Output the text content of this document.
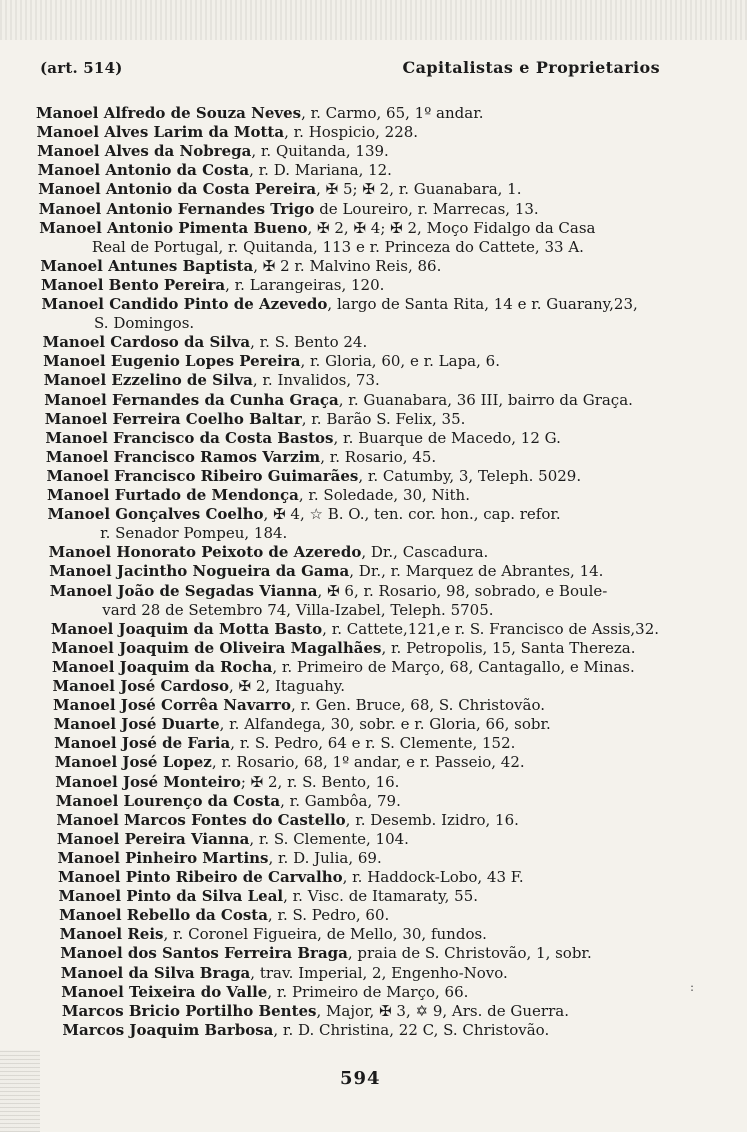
(art. 514)	Capitalistas e Proprietarios
Manoel Alfredo de Souza Neves, r. Carmo, 65, 1º andar.
Manoel Alves Larim da Motta, r. Hospicio, 228.
Manoel Alves da Nobrega, r. Quitanda, 139.
Manoel Antonio da Costa, r. D. Mariana, 12.
Manoel Antonio da Costa Pereira, ✠ 5; ✠ 2, r. Guanabara, 1.
Manoel Antonio Fernandes Trigo de Loureiro, r. Marrecas, 13.
Manoel Antonio Pimenta Bueno, ✠ 2, ✠ 4; ✠ 2, Moço Fidalgo da Casa
Real de Portugal, r. Quitanda, 113 e r. Princeza do Cattete, 33 A.
Manoel Antunes Baptista, ✠ 2 r. Malvino Reis, 86.
Manoel Bento Pereira, r. Larangeiras, 120.
Manoel Candido Pinto de Azevedo, largo de Santa Rita, 14 e r. Guarany,23,
S. Domingos.
Manoel Cardoso da Silva, r. S. Bento 24.
Manoel Eugenio Lopes Pereira, r. Gloria, 60, e r. Lapa, 6.
Manoel Ezzelino de Silva, r. Invalidos, 73.
Manoel Fernandes da Cunha Graça, r. Guanabara, 36 III, bairro da Graça.
Manoel Ferreira Coelho Baltar, r. Barão S. Felix, 35.
Manoel Francisco da Costa Bastos, r. Buarque de Macedo, 12 G.
Manoel Francisco Ramos Varzim, r. Rosario, 45.
Manoel Francisco Ribeiro Guimarães, r. Catumby, 3, Teleph. 5029.
Manoel Furtado de Mendonça, r. Soledade, 30, Nith.
Manoel Gonçalves Coelho, ✠ 4, ☆ B. O., ten. cor. hon., cap. refor.
r. Senador Pompeu, 184.
Manoel Honorato Peixoto de Azeredo, Dr., Cascadura.
Manoel Jacintho Nogueira da Gama, Dr., r. Marquez de Abrantes, 14.
Manoel João de Segadas Vianna, ✠ 6, r. Rosario, 98, sobrado, e Boule-
vard 28 de Setembro 74, Villa-Izabel, Teleph. 5705.
Manoel Joaquim da Motta Basto, r. Cattete,121,e r. S. Francisco de Assis,32.
Manoel Joaquim de Oliveira Magalhães, r. Petropolis, 15, Santa Thereza.
Manoel Joaquim da Rocha, r. Primeiro de Março, 68, Cantagallo, e Minas.
Manoel José Cardoso, ✠ 2, Itaguahy.
Manoel José Corrêa Navarro, r. Gen. Bruce, 68, S. Christovão.
Manoel José Duarte, r. Alfandega, 30, sobr. e r. Gloria, 66, sobr.
Manoel José de Faria, r. S. Pedro, 64 e r. S. Clemente, 152.
Manoel José Lopez, r. Rosario, 68, 1º andar, e r. Passeio, 42.
Manoel José Monteiro; ✠ 2, r. S. Bento, 16.
Manoel Lourenço da Costa, r. Gambôa, 79.
Manoel Marcos Fontes do Castello, r. Desemb. Izidro, 16.
Manoel Pereira Vianna, r. S. Clemente, 104.
Manoel Pinheiro Martins, r. D. Julia, 69.
Manoel Pinto Ribeiro de Carvalho, r. Haddock-Lobo, 43 F.
Manoel Pinto da Silva Leal, r. Visc. de Itamaraty, 55.
Manoel Rebello da Costa, r. S. Pedro, 60.
Manoel Reis, r. Coronel Figueira, de Mello, 30, fundos.
Manoel dos Santos Ferreira Braga, praia de S. Christovão, 1, sobr.
Manoel da Silva Braga, trav. Imperial, 2, Engenho-Novo.
Manoel Teixeira do Valle, r. Primeiro de Março, 66.
Marcos Bricio Portilho Bentes, Major, ✠ 3, ✡ 9, Ars. de Guerra.
Marcos Joaquim Barbosa, r. D. Christina, 22 C, S. Christovão.
594
:
